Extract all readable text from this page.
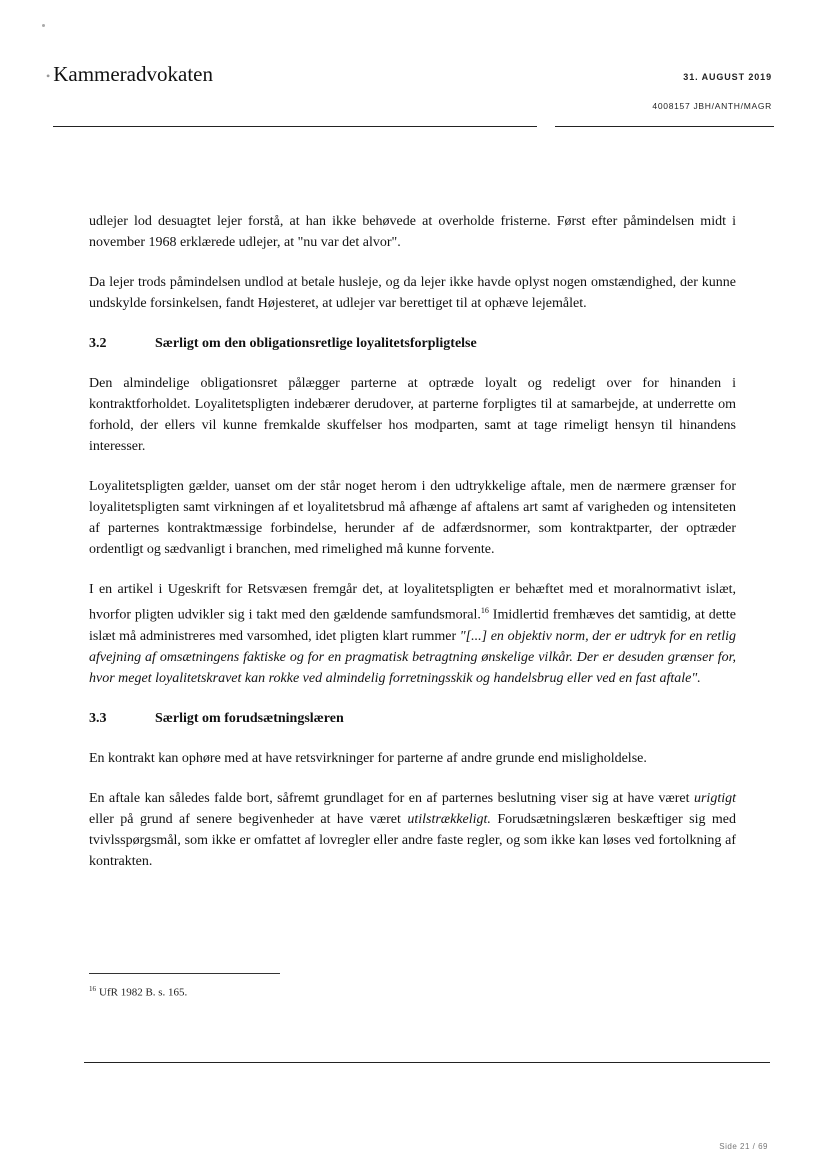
• Kammeradvokaten	31. AUGUST 2019
4008157 JBH/ANTH/MAGR

udlejer lod desuagtet lejer forstå, at han ikke behøvede at overholde fristerne. Først efter påmindelsen midt i november 1968 erklærede udlejer, at "nu var det alvor".

Da lejer trods påmindelsen undlod at betale husleje, og da lejer ikke havde oplyst nogen omstændighed, der kunne undskylde forsinkelsen, fandt Højesteret, at udlejer var berettiget til at ophæve lejemålet.

3.2	Særligt om den obligationsretlige loyalitetsforpligtelse

Den almindelige obligationsret pålægger parterne at optræde loyalt og redeligt over for hinanden i kontraktforholdet. Loyalitetspligten indebærer derudover, at parterne forpligtes til at samarbejde, at underrette om forhold, der ellers vil kunne fremkalde skuffelser hos modparten, samt at tage rimeligt hensyn til hinandens interesser.

Loyalitetspligten gælder, uanset om der står noget herom i den udtrykkelige aftale, men de nærmere grænser for loyalitetspligten samt virkningen af et loyalitetsbrud må afhænge af aftalens art samt af varigheden og intensiteten af parternes kontraktmæssige forbindelse, herunder af de adfærdsnormer, som kontraktparter, der optræder ordentligt og sædvanligt i branchen, med rimelighed må kunne forvente.

I en artikel i Ugeskrift for Retsvæsen fremgår det, at loyalitetspligten er behæftet med et moralnormativt islæt, hvorfor pligten udvikler sig i takt med den gældende samfundsmoral.$^{16}$ Imidlertid fremhæves det samtidig, at dette islæt må administreres med varsomhed, idet pligten klart rummer "[...] en objektiv norm, der er udtryk for en retlig afvejning af omsætningens faktiske og for en pragmatisk betragtning ønskelige vilkår. Der er desuden grænser for, hvor meget loyalitetskravet kan rokke ved almindelig forretningsskik og handelsbrug eller ved en fast aftale".

3.3	Særligt om forudsætningslæren

En kontrakt kan ophøre med at have retsvirkninger for parterne af andre grunde end misligholdelse.

En aftale kan således falde bort, såfremt grundlaget for en af parternes beslutning viser sig at have været urigtigt eller på grund af senere begivenheder at have været utilstrækkeligt. Forudsætningslæren beskæftiger sig med tvivlsspørgsmål, som ikke er omfattet af lovregler eller andre faste regler, og som ikke kan løses ved fortolkning af kontrakten.

$^{16}$ UfR 1982 B. s. 165.
Side 21 / 69
